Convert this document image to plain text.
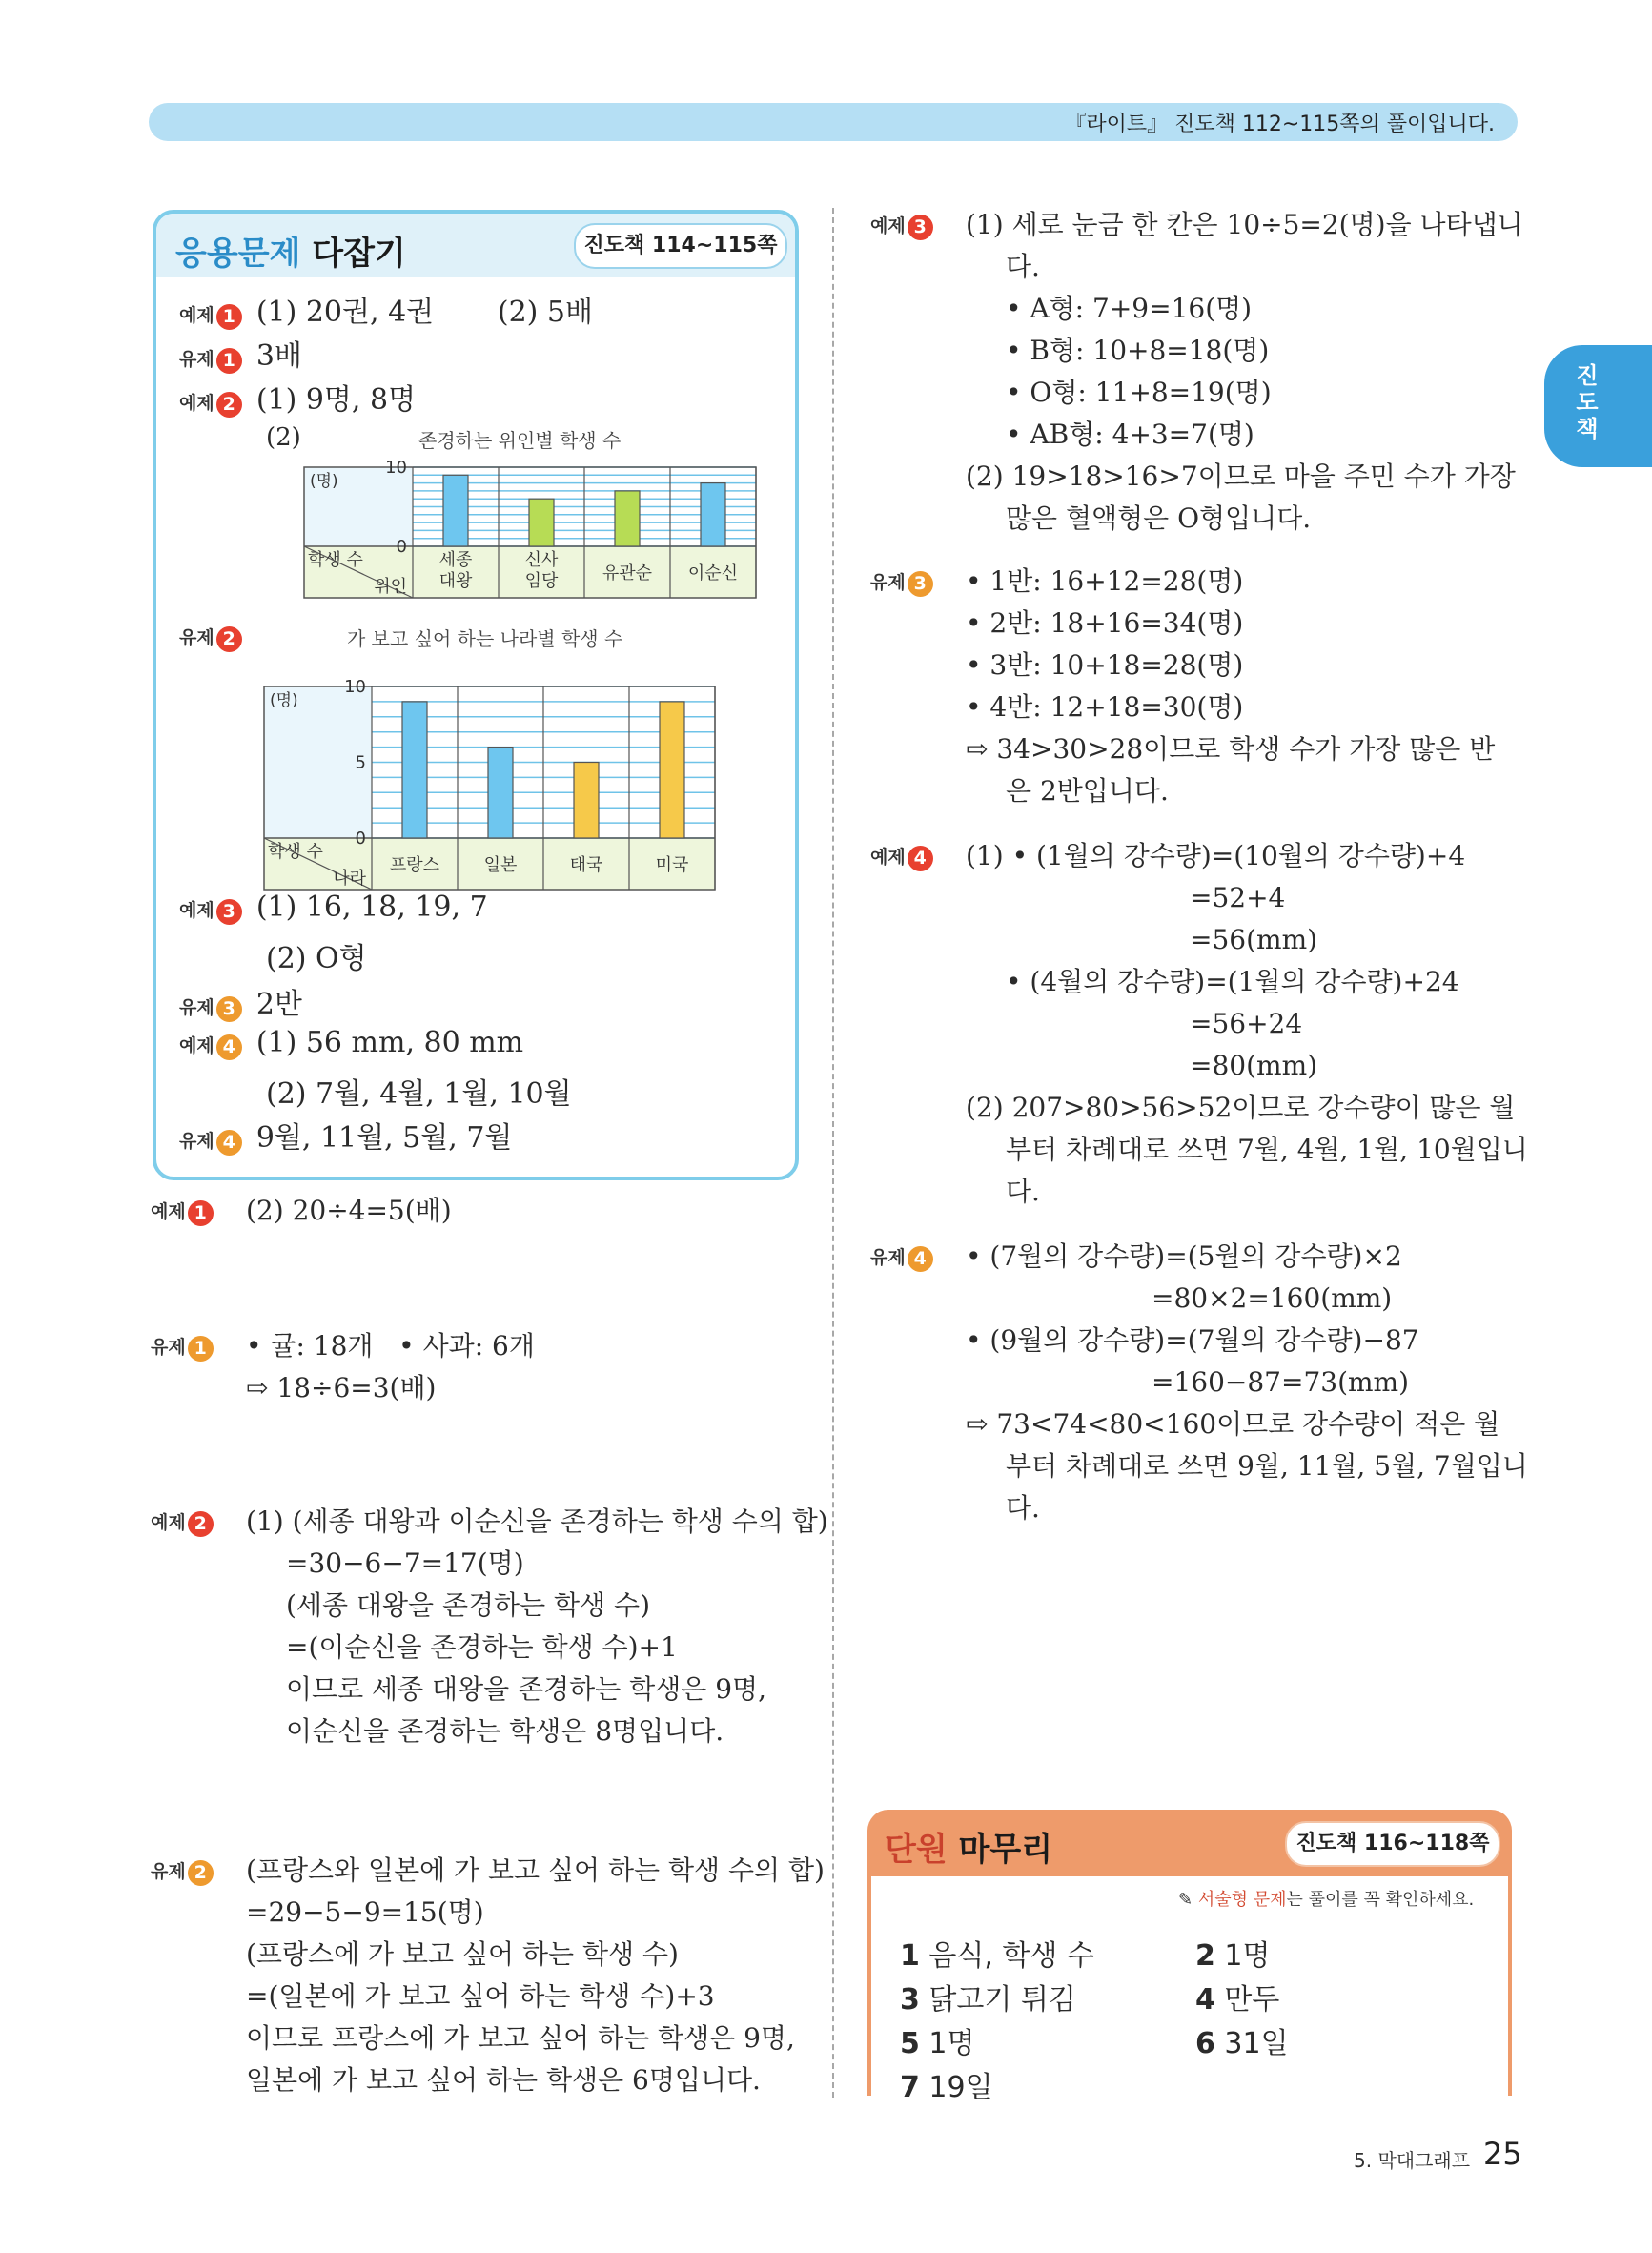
『라이트』 진도책 112~115쪽의 풀이입니다.
진도책
응용문제 다잡기	진도책 114~115쪽
예제 1 (1) 20권, 4권       (2) 5배
유제 1 3배
예제 2 (1) 9명, 8명
(2)	존경하는 위인별 학생 수
학생 수
위인
(명)
0
10
세종 대왕
신사 임당	유관순 이순신
유제 2	가 보고 싶어 하는 나라별 학생 수
학생 수
나라
(명)
0
5
10
프랑스	일본	태국	미국
예제 3 (1) 16, 18, 19, 7
(2) O형
유제 3 2반
예제 4 (1) 56 mm, 80 mm
(2) 7월, 4월, 1월, 10월
유제 4 9월, 11월, 5월, 7월
예제 1 (2) 20÷4=5(배)
유제 1 • 귤: 18개   • 사과: 6개
⇨ 18÷6=3(배)
예제 2 (1) (세종 대왕과 이순신을 존경하는 학생 수의 합)
=30−6−7=17(명)
(세종 대왕을 존경하는 학생 수)
=(이순신을 존경하는 학생 수)+1
이므로 세종 대왕을 존경하는 학생은 9명,
이순신을 존경하는 학생은 8명입니다.
유제 2 (프랑스와 일본에 가 보고 싶어 하는 학생 수의 합)
=29−5−9=15(명)
(프랑스에 가 보고 싶어 하는 학생 수)
=(일본에 가 보고 싶어 하는 학생 수)+3
이므로 프랑스에 가 보고 싶어 하는 학생은 9명,
일본에 가 보고 싶어 하는 학생은 6명입니다.
예제 3 (1) 세로 눈금 한 칸은 10÷5=2(명)을 나타냅니
다.
• A형: 7+9=16(명)
• B형: 10+8=18(명)
• O형: 11+8=19(명)
• AB형: 4+3=7(명)
(2) 19>18>16>7이므로 마을 주민 수가 가장
많은 혈액형은 O형입니다.
유제 3 • 1반: 16+12=28(명)
• 2반: 18+16=34(명)
• 3반: 10+18=28(명)
• 4반: 12+18=30(명)
⇨ 34>30>28이므로 학생 수가 가장 많은 반
은 2반입니다.
예제 4 (1) • (1월의 강수량)=(10월의 강수량)+4
=52+4
=56(mm)
• (4월의 강수량)=(1월의 강수량)+24
=56+24
=80(mm)
(2) 207>80>56>52이므로 강수량이 많은 월
부터 차례대로 쓰면 7월, 4월, 1월, 10월입니
다.
유제 4 • (7월의 강수량)=(5월의 강수량)×2
=80×2=160(mm)
• (9월의 강수량)=(7월의 강수량)−87
=160−87=73(mm)
⇨ 73<74<80<160이므로 강수량이 적은 월
부터 차례대로 쓰면 9월, 11월, 5월, 7월입니
다.
단원 마무리	진도책 116~118쪽
✎ 서술형 문제는 풀이를 꼭 확인하세요.
1 음식, 학생 수	2 1명
3 닭고기 튀김	4 만두
5 1명	6 31일
7 19일
5. 막대그래프 25
